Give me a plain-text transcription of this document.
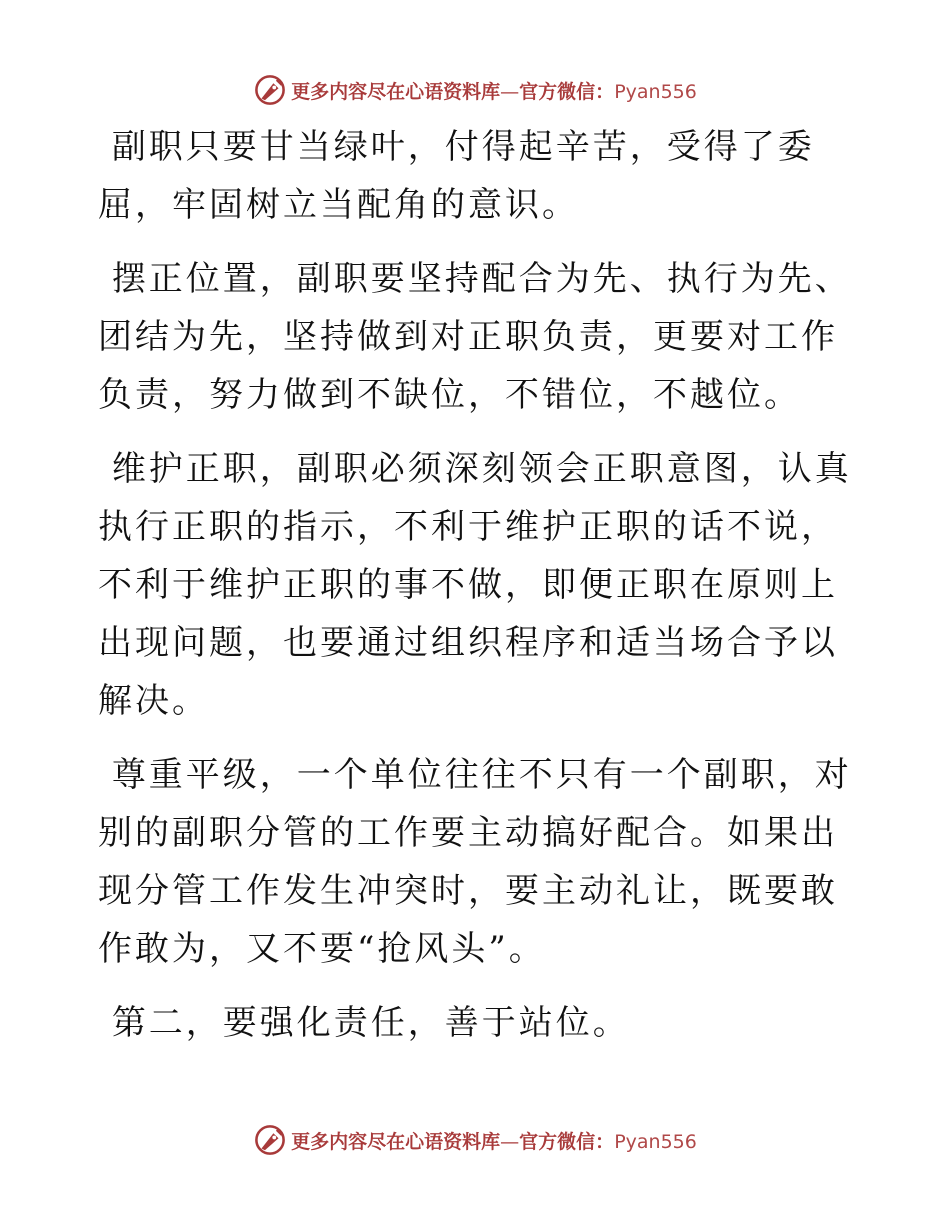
更多内容尽在心语资料库—官方微信：Pyan556

副职只要甘当绿叶，付得起辛苦，受得了委屈，牢固树立当配角的意识。

摆正位置，副职要坚持配合为先、执行为先、团结为先，坚持做到对正职负责，更要对工作负责，努力做到不缺位，不错位，不越位。

维护正职，副职必须深刻领会正职意图，认真执行正职的指示，不利于维护正职的话不说，不利于维护正职的事不做，即便正职在原则上出现问题，也要通过组织程序和适当场合予以解决。

尊重平级，一个单位往往不只有一个副职，对别的副职分管的工作要主动搞好配合。如果出现分管工作发生冲突时，要主动礼让，既要敢作敢为，又不要“抢风头”。

第二，要强化责任，善于站位。

更多内容尽在心语资料库—官方微信：Pyan556
